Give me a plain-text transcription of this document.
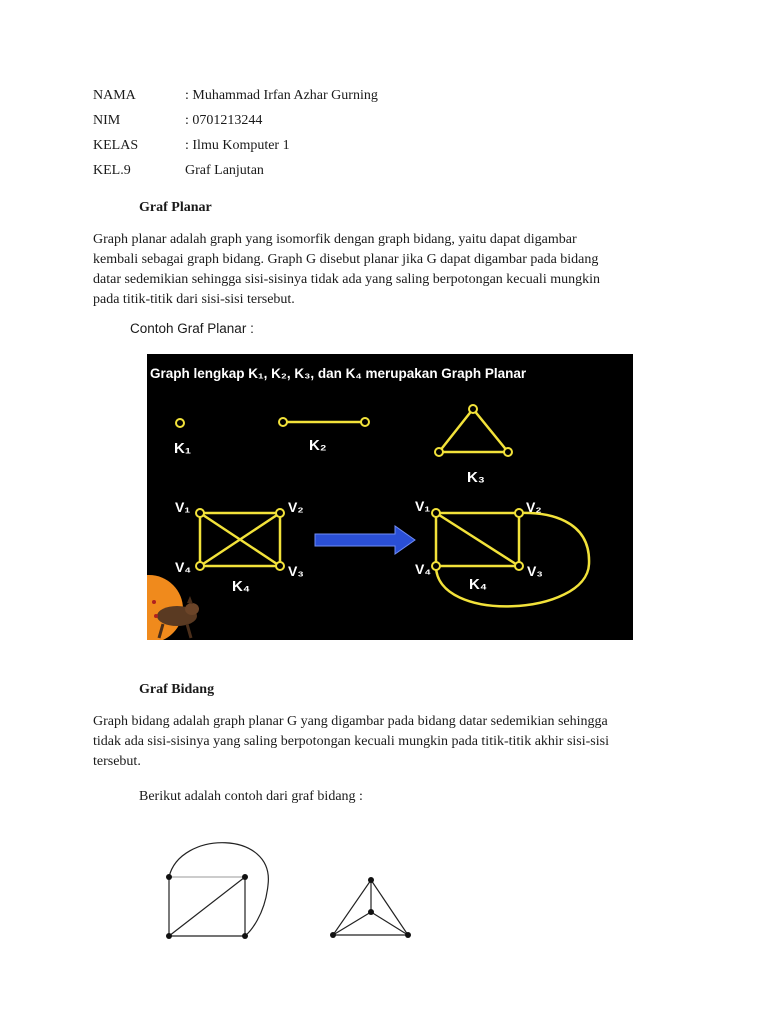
NAMA	: Muhammad Irfan Azhar Gurning
NIM	: 0701213244
KELAS	: Ilmu Komputer 1
KEL.9	Graf Lanjutan
Graf Planar
Graph planar adalah graph yang isomorfik dengan graph bidang, yaitu dapat digambar
kembali sebagai graph bidang. Graph G disebut planar jika G dapat digambar pada bidang
datar sedemikian sehingga sisi-sisinya tidak ada yang saling berpotongan kecuali mungkin
pada titik-titik dari sisi-sisi tersebut.
Contoh Graf Planar :
Graph lengkap K₁, K₂, K₃, dan K₄ merupakan Graph Planar
K₁	K₂
K₃
V₁	V₂
V₄	V₃
K₄
V₁	V₂
V₄	V₃
K₄
Graf Bidang
Graph bidang adalah graph planar G yang digambar pada bidang datar sedemikian sehingga
tidak ada sisi-sisinya yang saling berpotongan kecuali mungkin pada titik-titik akhir sisi-sisi
tersebut.
Berikut adalah contoh dari graf bidang :
